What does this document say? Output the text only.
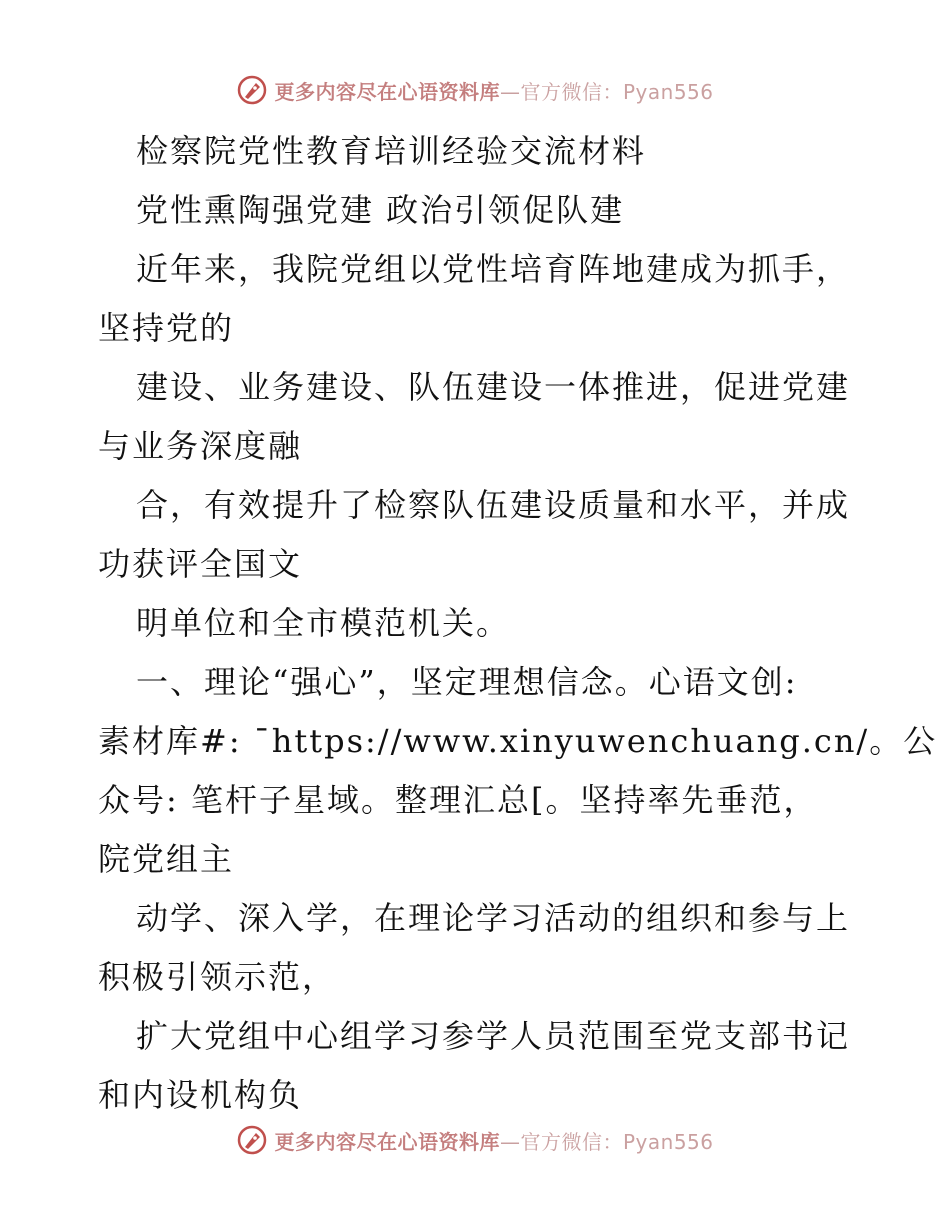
更多内容尽在心语资料库—官方微信：Pyan556
检察院党性教育培训经验交流材料
党性熏陶强党建 政治引领促队建
近年来，我院党组以党性培育阵地建成为抓手，
坚持党的
建设、业务建设、队伍建设一体推进，促进党建
与业务深度融
合，有效提升了检察队伍建设质量和水平，并成
功获评全国文
明单位和全市模范机关。
一、理论“强心”，坚定理想信念。心语文创:
素材库#: ¯https://www.xinyuwenchuang.cn/。公
众号: 笔杆子星域。整理汇总[。坚持率先垂范，
院党组主
动学、深入学，在理论学习活动的组织和参与上
积极引领示范，
扩大党组中心组学习参学人员范围至党支部书记
和内设机构负
更多内容尽在心语资料库—官方微信：Pyan556
